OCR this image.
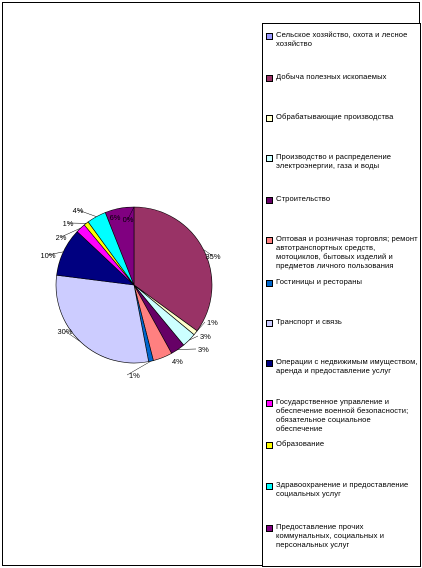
0%
35%
1%
3%
3%
4%
1%
30%
10%
2%
1%
4%
6%
Сельское хозяйство, охота и лесное хозяйство
Добыча полезных ископаемых
Обрабатывающие производства
Производство и распределение электроэнергии, газа и воды
Строительство
Оптовая и розничная торговля; ремонт автотранспортных средств, мотоциклов, бытовых изделий и предметов личного пользования
Гостиницы и рестораны
Транспорт и связь
Операции с недвижимым имуществом, аренда и предоставление услуг
Государственное управление и обеспечение военной безопасности; обязательное социальное обеспечение
Образование
Здравоохранение и предоставление социальных услуг
Предоставление прочих коммунальных, социальных и персональных услуг
